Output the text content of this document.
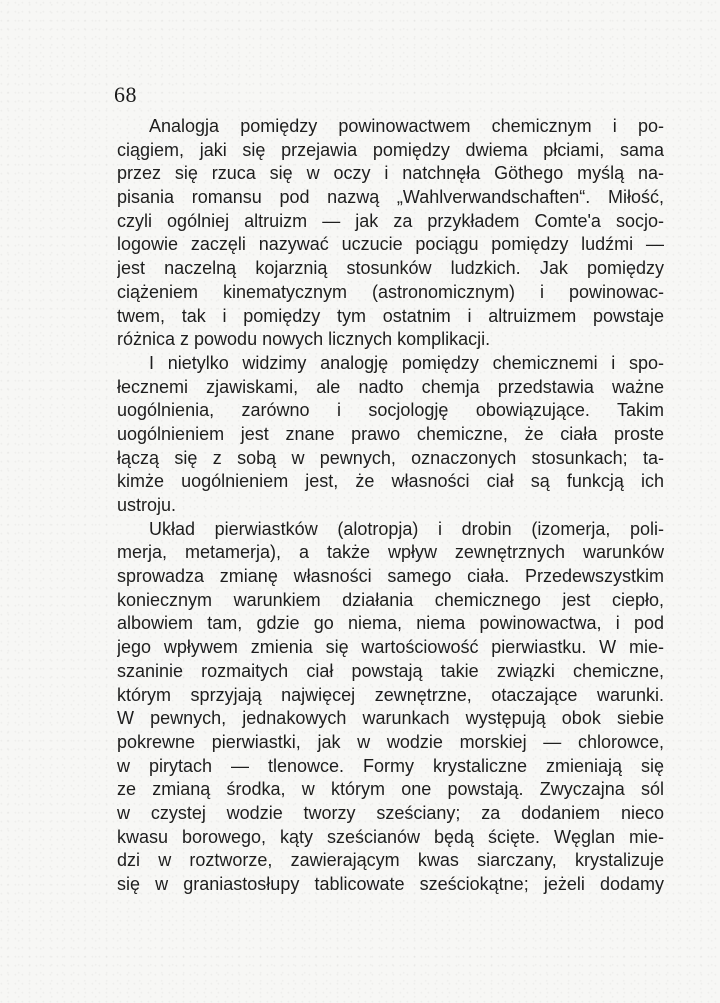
68
Analogja pomiędzy powinowactwem chemicznym i po-
ciągiem, jaki się przejawia pomiędzy dwiema płciami, sama
przez się rzuca się w oczy i natchnęła Göthego myślą na-
pisania romansu pod nazwą „Wahlverwandschaften“. Miłość,
czyli ogólniej altruizm — jak za przykładem Comte'a socjo-
logowie zaczęli nazywać uczucie pociągu pomiędzy ludźmi —
jest naczelną kojarznią stosunków ludzkich. Jak pomiędzy
ciążeniem kinematycznym (astronomicznym) i powinowac-
twem, tak i pomiędzy tym ostatnim i altruizmem powstaje
różnica z powodu nowych licznych komplikacji.
I nietylko widzimy analogję pomiędzy chemicznemi i spo-
łecznemi zjawiskami, ale nadto chemja przedstawia ważne
uogólnienia, zarówno i socjologję obowiązujące. Takim
uogólnieniem jest znane prawo chemiczne, że ciała proste
łączą się z sobą w pewnych, oznaczonych stosunkach; ta-
kimże uogólnieniem jest, że własności ciał są funkcją ich
ustroju.
Układ pierwiastków (alotropja) i drobin (izomerja, poli-
merja, metamerja), a także wpływ zewnętrznych warunków
sprowadza zmianę własności samego ciała. Przedewszystkim
koniecznym warunkiem działania chemicznego jest ciepło,
albowiem tam, gdzie go niema, niema powinowactwa, i pod
jego wpływem zmienia się wartościowość pierwiastku. W mie-
szaninie rozmaitych ciał powstają takie związki chemiczne,
którym sprzyjają najwięcej zewnętrzne, otaczające warunki.
W pewnych, jednakowych warunkach występują obok siebie
pokrewne pierwiastki, jak w wodzie morskiej — chlorowce,
w pirytach — tlenowce. Formy krystaliczne zmieniają się
ze zmianą środka, w którym one powstają. Zwyczajna sól
w czystej wodzie tworzy sześciany; za dodaniem nieco
kwasu borowego, kąty sześcianów będą ścięte. Węglan mie-
dzi w roztworze, zawierającym kwas siarczany, krystalizuje
się w graniastosłupy tablicowate sześciokątne; jeżeli dodamy
